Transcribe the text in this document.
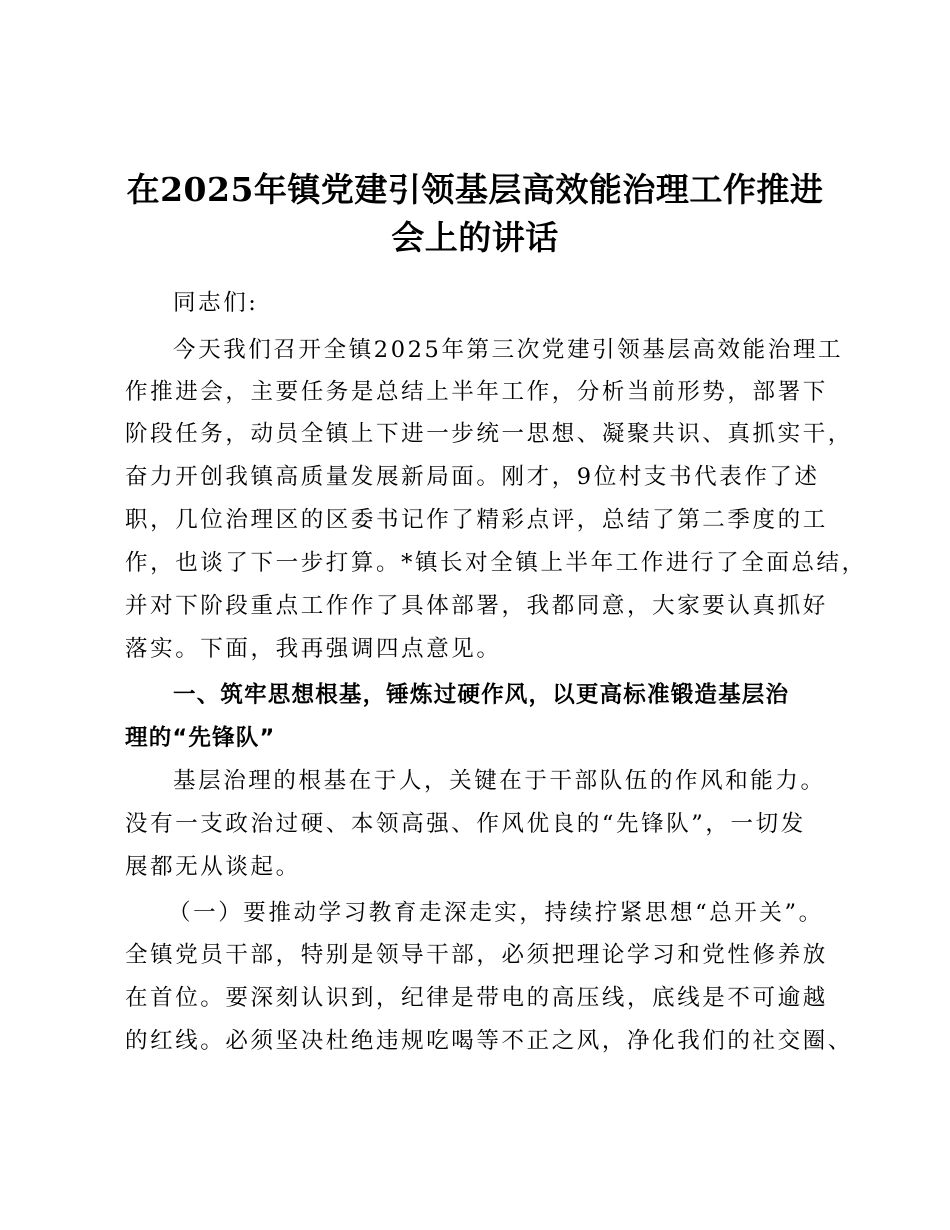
在2025年镇党建引领基层高效能治理工作推进
会上的讲话
同志们:
今天我们召开全镇2025年第三次党建引领基层高效能治理工
作推进会，主要任务是总结上半年工作，分析当前形势，部署下
阶段任务，动员全镇上下进一步统一思想、凝聚共识、真抓实干，
奋力开创我镇高质量发展新局面。刚才，9位村支书代表作了述
职，几位治理区的区委书记作了精彩点评，总结了第二季度的工
作，也谈了下一步打算。*镇长对全镇上半年工作进行了全面总结，
并对下阶段重点工作作了具体部署，我都同意，大家要认真抓好
落实。下面，我再强调四点意见。
一、筑牢思想根基，锤炼过硬作风，以更高标准锻造基层治
理的“先锋队”
基层治理的根基在于人，关键在于干部队伍的作风和能力。
没有一支政治过硬、本领高强、作风优良的“先锋队”，一切发
展都无从谈起。
（一）要推动学习教育走深走实，持续拧紧思想“总开关”。
全镇党员干部，特别是领导干部，必须把理论学习和党性修养放
在首位。要深刻认识到，纪律是带电的高压线，底线是不可逾越
的红线。必须坚决杜绝违规吃喝等不正之风，净化我们的社交圈、
